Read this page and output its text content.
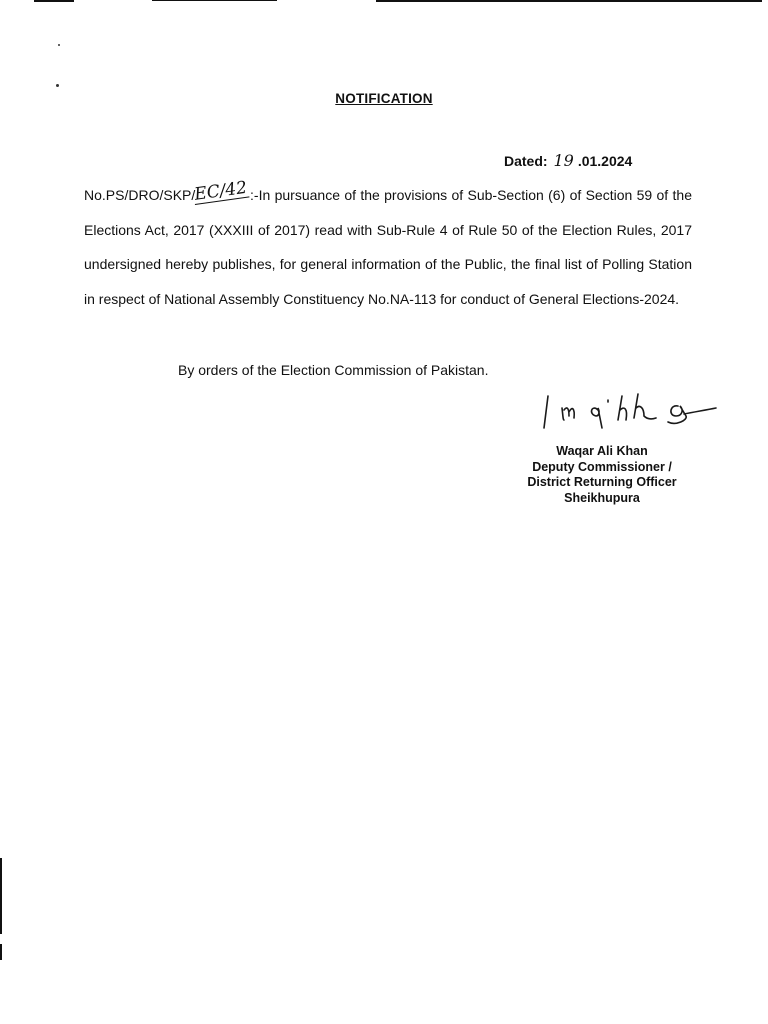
NOTIFICATION
Dated: 19 .01.2024
No.PS/DRO/SKP/EC/42 :-In pursuance of the provisions of Sub-Section (6) of Section 59 of the Elections Act, 2017 (XXXIII of 2017) read with Sub-Rule 4 of Rule 50 of the Election Rules, 2017 undersigned hereby publishes, for general information of the Public, the final list of Polling Station in respect of National Assembly Constituency No.NA-113 for conduct of General Elections-2024.
By orders of the Election Commission of Pakistan.
Waqar Ali Khan
Deputy Commissioner /
District Returning Officer
Sheikhupura
